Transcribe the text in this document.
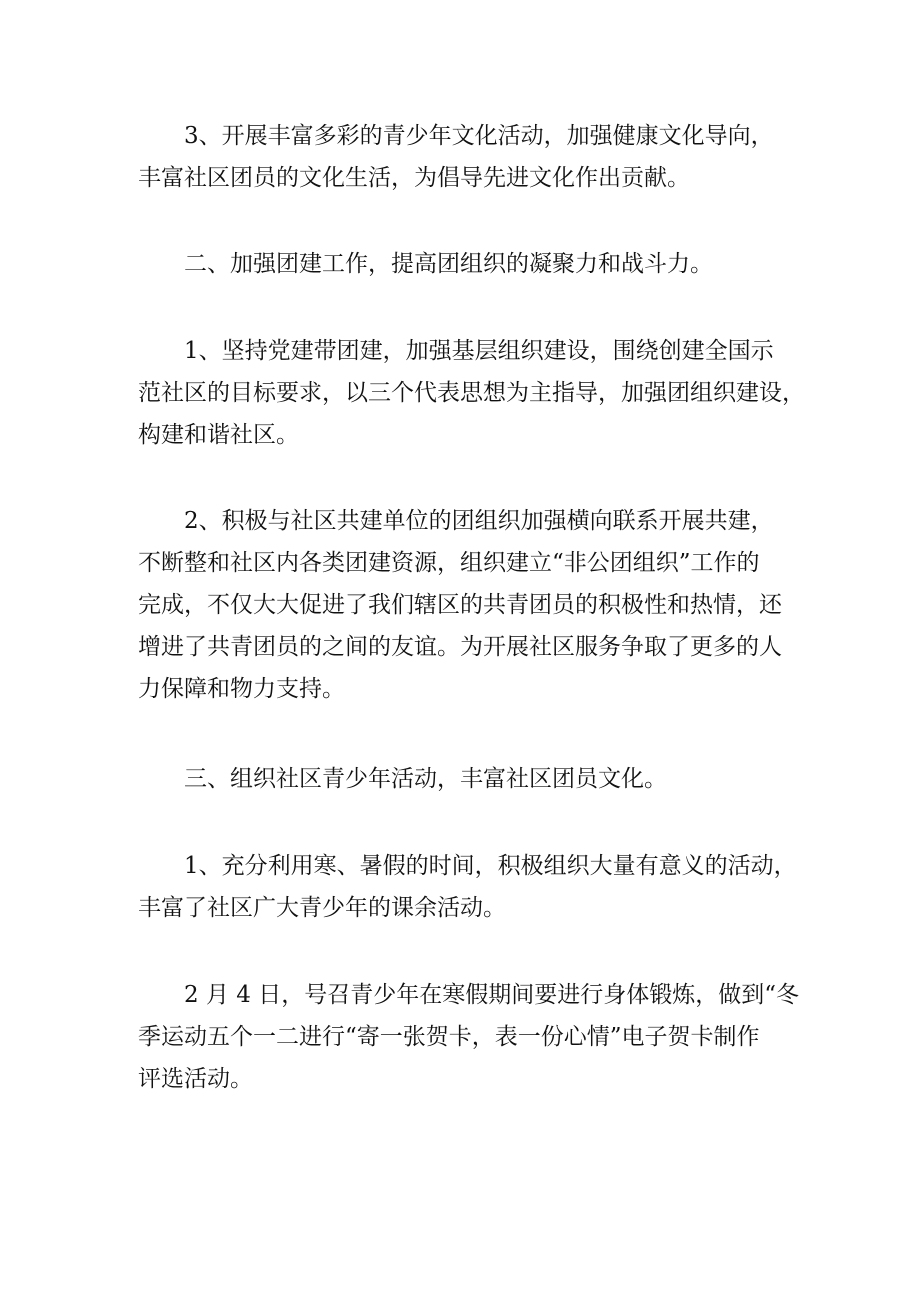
3、开展丰富多彩的青少年文化活动，加强健康文化导向，
丰富社区团员的文化生活，为倡导先进文化作出贡献。
二、加强团建工作，提高团组织的凝聚力和战斗力。
1、坚持党建带团建，加强基层组织建设，围绕创建全国示
范社区的目标要求，以三个代表思想为主指导，加强团组织建设，
构建和谐社区。
2、积极与社区共建单位的团组织加强横向联系开展共建，
不断整和社区内各类团建资源，组织建立“非公团组织”工作的
完成，不仅大大促进了我们辖区的共青团员的积极性和热情，还
增进了共青团员的之间的友谊。为开展社区服务争取了更多的人
力保障和物力支持。
三、组织社区青少年活动，丰富社区团员文化。
1、充分利用寒、暑假的时间，积极组织大量有意义的活动，
丰富了社区广大青少年的课余活动。
2 月 4 日，号召青少年在寒假期间要进行身体锻炼，做到“冬
季运动五个一二进行“寄一张贺卡，表一份心情”电子贺卡制作
评选活动。
